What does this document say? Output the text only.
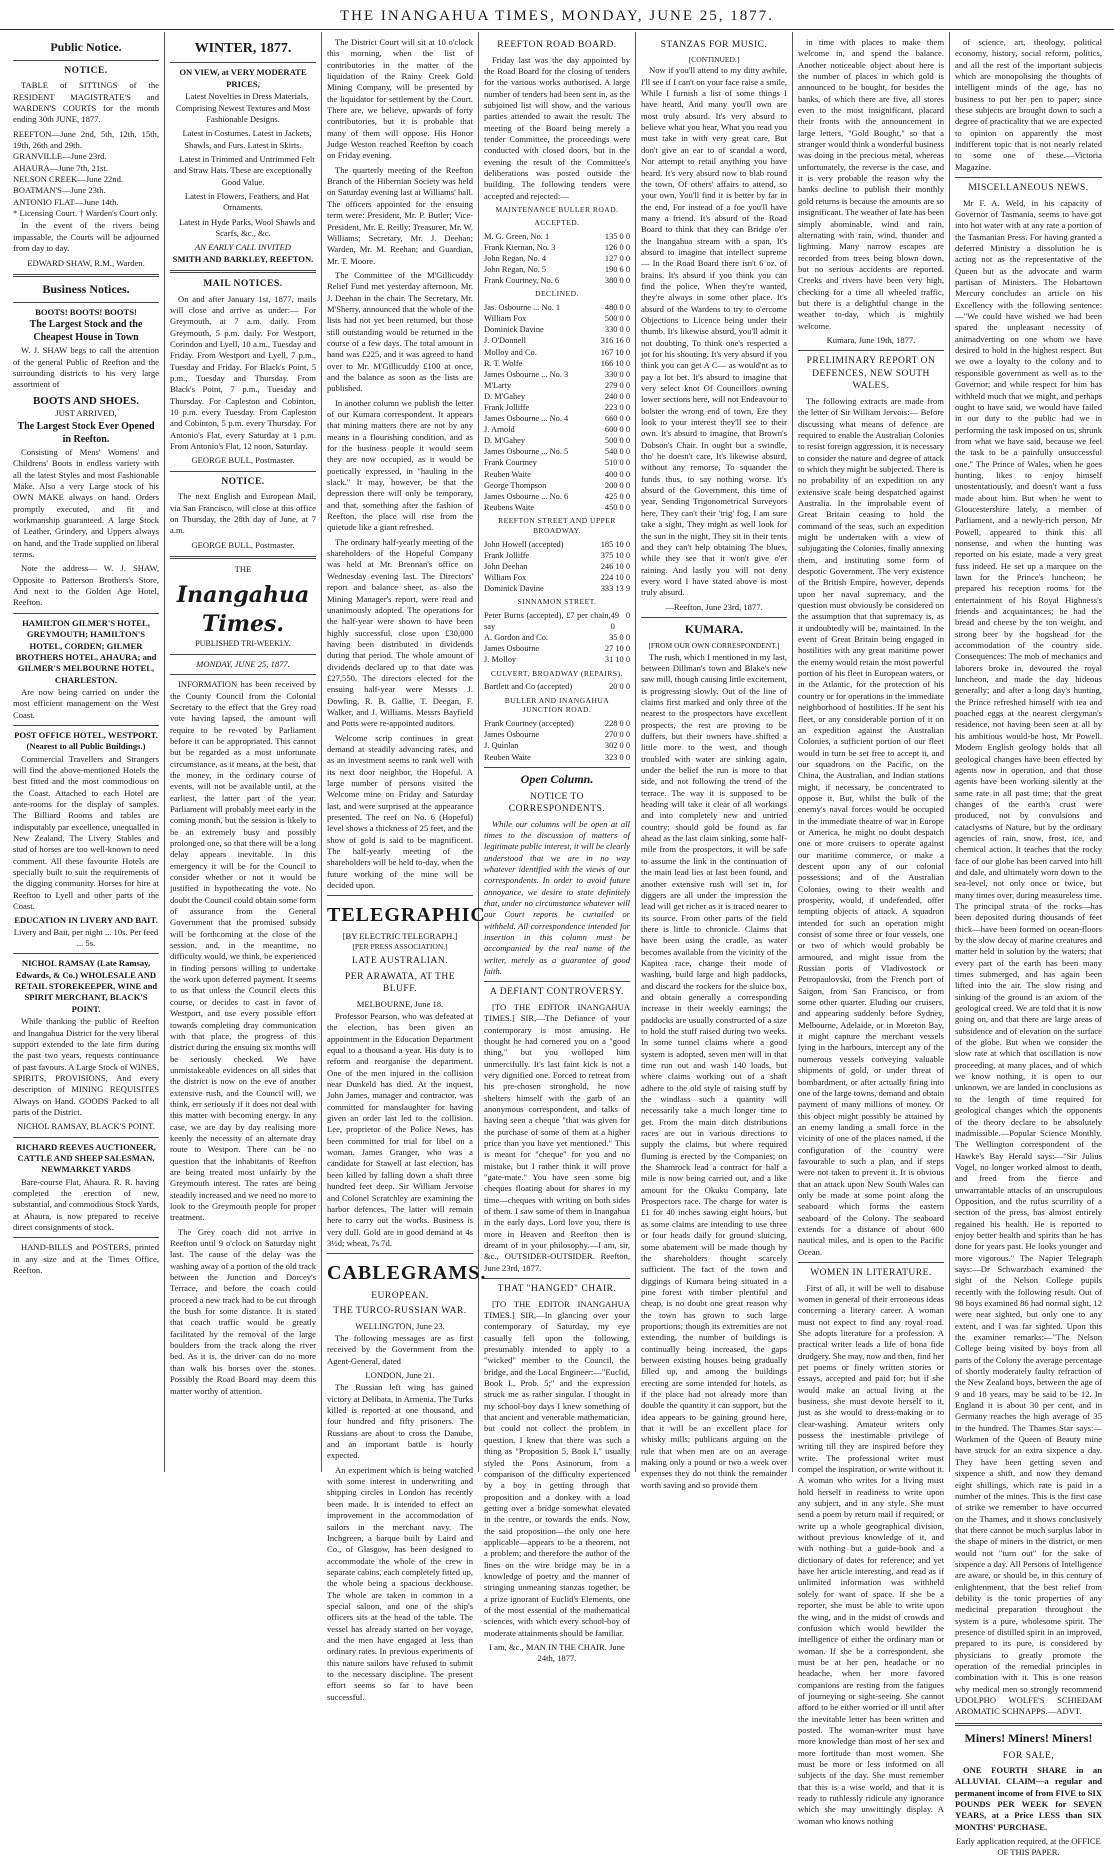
THE INANGAHUA TIMES, MONDAY, JUNE 25, 1877.
Public Notice.
NOTICE.

TABLE of SITTINGS of the RESIDENT MAGISTRATE'S and WARDEN'S COURTS for the month ending 30th JUNE, 1877.

REEFTON—June 2nd, 5th, 12th, 15th, 19th, 26th and 29th.
GRANVILLE—June 23rd.
AHAURA—June 7th, 21st.
NELSON CREEK—June 22nd.
BOATMAN'S—June 23th.
ANTONIO FLAT—June 14th.
* Licensing Court. † Warden's Court only.

In the event of the rivers being impassable, the Courts will be adjourned from day to day.

EDWARD SHAW, R.M., Warden.
Business Notices.
BOOTS! BOOTS! BOOTS!
The Largest Stock and the Cheapest House in Town

W. J. SHAW begs to call the attention of the general Public of Reefton and the surrounding districts to his very large assortment of

BOOTS AND SHOES.
JUST ARRIVED,
The Largest Stock Ever Opened in Reefton.

Consisting of Mens' Womens' and Childrens' Boots in endless variety with all the latest Styles and most Fashionable Make. Also a very Large stock of his OWN MAKE always on hand. Orders promptly executed, and fit and workmanship guaranteed. A large Stock of Leather, Grindery, and Uppers always on hand, and the Trade supplied on liberal terms.

Note the address— W. J. SHAW, Opposite to Patterson Brothers's Store, And next to the Golden Age Hotel, Reefton.

HAMILTON GILMER'S HOTEL, GREYMOUTH; HAMILTON'S HOTEL, CORDEN; GILMER BROTHERS HOTEL, AHAURA; and GILMER'S MELBOURNE HOTEL, CHARLESTON.

Are now being carried on under the most efficient management on the West Coast.

POST OFFICE HOTEL, WESTPORT. (Nearest to all Public Buildings.)

Commercial Travellers and Strangers will find the above-mentioned Hotels the best fitted and the most commodious on the Coast. Attached to each Hotel are ante-rooms for the display of samples. The Billiard Rooms and tables are indisputably par excellence, unequalled in New Zealand. The Livery Stables and stud of horses are too well-known to need comment. All these favourite Hotels are specially built to suit the requirements of the digging community. Horses for hire at Reefton to Lyell and other parts of the Coast.

EDUCATION IN LIVERY AND BAIT.
Livery and Bait, per night ... 10s. Per feed ... 5s.
NICHOL RAMSAY (Late Ramsay, Edwards, & Co.) WHOLESALE AND RETAIL STOREKEEPER, WINE and SPIRIT MERCHANT, BLACK'S POINT.

While thanking the public of Reefton and Inangahua District for the very liberal support extended to the late firm during the past two years, requests continuance of past favours. A Large Stock of WINES, SPIRITS, PROVISIONS, And every description of MINING REQUISITES Always on Hand. GOODS Packed to all parts of the District.

NICHOL RAMSAY, BLACK'S POINT.
RICHARD REEVES AUCTIONEER, CATTLE AND SHEEP SALESMAN, NEWMARKET YARDS

Bare-course Flat, Ahaura. R. R. having completed the erection of new, substantial, and commodious Stock Yards, at Ahaura, is now prepared to receive direct consignments of stock.

HAND-BILLS and POSTERS, printed in any size and at the Times Office, Reefton.

WINTER, 1877.
ON VIEW, at VERY MODERATE PRICES,

Latest Novelties in Dress Materials, Comprising Newest Textures and Most Fashionable Designs.

Latest in Costumes. Latest in Jackets, Shawls, and Furs. Latest in Skirts.

Latest in Trimmed and Untrimmed Felt and Straw Hats. These are exceptionally Good Value.

Latest in Flowers, Feathers, and Hat Ornaments.

Latest in Hyde Parks, Wool Shawls and Scarfs, &c., &c.

AN EARLY CALL INVITED
SMITH AND BARKLEY, REEFTON.
MAIL NOTICES.

On and after January 1st, 1877, mails will close and arrive as under:— For Greymouth, at 7 a.m. daily. From Greymouth, 5 p.m. daily. For Westport, Corindon and Lyell, 10 a.m., Tuesday and Friday. From Westport and Lyell, 7 p.m., Tuesday and Friday. For Black's Point, 5 p.m., Tuesday and Thursday. From Black's Point, 7 p.m., Tuesday and Thursday. For Capleston and Cobinton, 10 p.m. every Tuesday. From Capleston and Cobinton, 5 p.m. every Thursday. For Antonio's Flat, every Saturday at 1 p.m. From Antonio's Flat, 12 noon, Saturday.

GEORGE BULL, Postmaster.
NOTICE.

The next English and European Mail, via San Francisco, will close at this office on Thursday, the 28th day of June, at 7 a.m.

GEORGE BULL, Postmaster.
THE
Inangahua Times.
PUBLISHED TRI-WEEKLY.
MONDAY, JUNE 25, 1877.

INFORMATION has been received by the County Council from the Colonial Secretary to the effect that the Grey road vote having lapsed, the amount will require to be re-voted by Parliament before it can be appropriated. This cannot but be regarded as a most unfortunate circumstance, as it means, at the best, that the money, in the ordinary course of events, will not be available until, at the earliest, the latter part of the year. Parliament will probably meet early in the coming month, but the session is likely to be an extremely busy and possibly prolonged one, so that there will be a long delay appears inevitable. In this emergency it will be for the Council to consider whether or not it would be justified in hypothecating the vote. No doubt the Council could obtain some form of assurance from the General Government that the promised subsidy will be forthcoming at the close of the session, and, in the meantime, no difficulty would, we think, be experienced in finding persons willing to undertake the work upon deferred payment. It seems to us that unless the Council elects this course, or decides to cast in favor of Westport, and use every possible effort towards completing dray communication with that place, the progress of this district during the ensuing six months will be seriously checked. We have unmistakeable evidences on all sides that the district is now on the eve of another extensive rush, and the Council will, we think, err seriously if it does not deal with this matter with becoming energy. In any case, we are day by day realising more keenly the necessity of an alternate dray route to Westport. There can be no question that the inhabitants of Reefton are being treated most unfairly by the Greymouth interest. The rates are being steadily increased and we need no more to look to the Greymouth people for proper treatment.

The Grey coach did not arrive in Reefton until 9 o'clock on Saturday night last. The cause of the delay was the washing away of a portion of the old track between the Junction and Dorcey's Terrace, and before the coach could proceed a new track had to be cut through the bush for some distance. It is stated that coach traffic would be greatly facilitated by the removal of the large boulders from the track along the river bed. As it is, the driver can do no more than walk his horses over the stones. Possibly the Road Board may deem this matter worthy of attention.

The District Court will sit at 10 o'clock this morning, when the list of contributories in the matter of the liquidation of the Rainy Creek Gold Mining Company, will be presented by the liquidator for settlement by the Court. There are, we believe, upwards of forty contributories, but it is probable that many of them will oppose. His Honor Judge Weston reached Reefton by coach on Friday evening.

The quarterly meeting of the Reefton Branch of the Hibernian Society was held on Saturday evening last at Williams' hall. The officers appointed for the ensuing term were: President, Mr. P. Butler; Vice-President, Mr. E. Reilly; Treasurer, Mr. W. Williams; Secretary, Mr. J. Deehan; Warden, Mr. M. Reehan; and Guardian, Mr. T. Moore.

The Committee of the M'Gillicuddy Relief Fund met yesterday afternoon, Mr. J. Deehan in the chair. The Secretary, Mr. M'Sherry, announced that the whole of the lists had not yet been returned, but those still outstanding would be returned in the course of a few days. The total amount in hand was £225, and it was agreed to hand over to Mr. M'Gillicuddy £100 at once, and the balance as soon as the lists are published.

In another column we publish the letter of our Kumara correspondent. It appears that mining matters there are not by any means in a flourishing condition, and as for the business people it would seem they are now occupied, as it would be poetically expressed, in "hauling in the slack." It may, however, be that the depression there will only be temporary, and that, something after the fashion of Reefton, the place will rise from the quietude like a giant refreshed.

The ordinary half-yearly meeting of the shareholders of the Hopeful Company was held at Mr. Brennan's office on Wednesday evening last. The Directors' report and balance sheet, as also the Mining Manager's report, were read and unanimously adopted. The operations for the half-year were shown to have been highly successful, close upon £30,000 having been distributed in dividends during that period. The whole amount of dividends declared up to that date was £27,550. The directors elected for the ensuing half-year were Messrs J. Dowling, R. B. Gallie, T. Deegan, F. Walker, and J. Williams. Messrs Bayfield and Potts were re-appointed auditors.

Welcome scrip continues in great demand at steadily advancing rates, and as an investment seems to rank well with its next door neighbor, the Hopeful. A large number of persons visited the Welcome mine on Friday and Saturday last, and were surprised at the appearance presented. The reef on No. 6 (Hopeful) level shows a thickness of 25 feet, and the show of gold is said to be magnificent. The half-yearly meeting of the shareholders will be held to-day, when the future working of the mine will be decided upon.

TELEGRAPHIC
[BY ELECTRIC TELEGRAPH.]
[PER PRESS ASSOCIATION.]
LATE AUSTRALIAN.
PER ARAWATA, AT THE BLUFF.
MELBOURNE, June 18.

Professor Pearson, who was defeated at the election, has been given an appointment in the Education Department equal to a thousand a year. His duty is to reform and reorganise the department. One of the men injured in the collision near Dunkeld has died. At the inquest, John James, manager and contractor, was committed for manslaughter for having given an order last led to the collision. Lee, proprietor of the Police News, has been committed for trial for libel on a woman. James Granger, who was a candidate for Stawell at last election, has been killed by falling down a shaft three hundred feet deep. Sir William Jervoise and Colonel Scratchley are examining the harbor defences. The latter will remain here to carry out the works. Business is very dull. Gold are in good demand at 4s 3½d; wheat, 7s 7d.

CABLEGRAMS.
EUROPEAN.
THE TURCO-RUSSIAN WAR.
WELLINGTON, June 23.

The following messages are as first received by the Government from the Agent-General, dated

LONDON, June 21.

The Russian left wing has gained victory at Delibata, in Armenia. The Turks killed is reported at one thousand, and four hundred and fifty prisoners. The Russians are about to cross the Danube, and an important battle is hourly expected.

An experiment which is being watched with some interest in underwriting and shipping circles in London has recently been made. It is intended to effect an improvement in the accommodation of sailors in the merchant navy. The Inchgreen, a barque built by Laird and Co., of Glasgow, has been designed to accommodate the whole of the crew in separate cabins, each completely fitted up, the whole being a spacious deckhouse. The whole are taken in common in a special saloon, and one of the ship's officers sits at the head of the table. The vessel has already started on her voyage, and the men have engaged at less than ordinary rates. In previous experiments of this nature sailors have refused to submit to the necessary discipline. The present effort seems so far to have been successful.

REEFTON ROAD BOARD.

Friday last was the day appointed by the Road Board for the closing of tenders for the various works authorised. A large number of tenders had been sent in, as the subjoined list will show, and the various parties attended to await the result. The meeting of the Board being merely a tender Committee, the proceedings were conducted with closed doors, but in the evening the result of the Committee's deliberations was posted outside the building. The following tenders were accepted and rejected:—

MAINTENANCE BULLER ROAD.
ACCEPTED.
M. G. Green, No. 1	135 0 0
Frank Kiernan, No. 3	126 0 0
John Regan, No. 4	127 0 0
John Regan, No. 5	190 6 0
Frank Courtney, No. 6	380 0 0
DECLINED.
Jas. Osbourne ... No. 1	480 0 0
William Fox	500 0 0
Dominick Davine	330 0 0
J. O'Donnell	316 16 0
Molloy and Co.	167 10 0
R. T. Wolfe	166 10 0
James Osbourne ... No. 3	330 0 0
M'Larty	279 0 0
D. M'Gahey	240 0 0
Frank Jolliffe	223 0 0
James Osbourne ... No. 4	660 0 0
J. Arnold	600 0 0
D. M'Gahey	500 0 0
James Osbourne ... No. 5	540 0 0
Frank Courtney	510 0 0
Reuben Waite	400 0 0
George Thompson	200 0 0
James Osbourne ... No. 6	425 0 0
Reubens Waite	450 0 0
REEFTON STREET AND UPPER BROADWAY.
John Howell (accepted)	185 10 0
Frank Jolliffe	375 10 0
John Deehan	246 10 0
William Fox	224 10 0
Dominick Davine	333 13 9
SINNAMON STREET.
Peter Burns (accepted), £7 per chain, say
49 0 0
A. Gordon and Co.	35 0 0
James Osbourne	27 10 0
J. Molloy	31 10 0
CULVERT, BROADWAY (REPAIRS).
Bartlett and Co (accepted)	20 0 0
BULLER AND INANGAHUA JUNCTION ROAD.
Frank Courtney (accepted)	228 0 0
James Osbourne	270 0 0
J. Quinlan	302 0 0
Reuben Waite	323 0 0
Open Column.
NOTICE TO CORRESPONDENTS.

While our columns will be open at all times to the discussion of matters of legitimate public interest, it will be clearly understood that we are in no way whatever identified with the views of our correspondents. In order to avoid future annoyance, we desire to state definitely that, under no circumstance whatever will our Court reports be curtailed or withheld. All correspondence intended for insertion in this column must be accompanied by the real name of the writer, merely as a guarantee of good faith.

A DEFIANT CONTROVERSY.

[TO THE EDITOR INANGAHUA TIMES.] SIR,—The Defiance of your contemporary is most amusing. He thought he had cornered you on a "good thing," but you wolloped him unmercifully. It's last faint kick is not a very dignified one. Forced to retreat from his pre-chosen stronghold, he now shelters himself with the garb of an anonymous correspondent, and talks of having seen a cheque "that was given for the purchase of some of them at a higher price than you have yet mentioned." This is meant for "cheque" for you and no mistake, but I rather think it will prove "gate-mate." You have seen some big cheques floating about for shares in my time—cheques with writing on both sides of them. I saw some of them in Inangahua in the early days. Lord love you, there is more in Heaven and Reefton then is dreamt of in your philosophy.—I am, sir, &c., OUTSIDER-OUTSIDER. Reefton, June 23rd, 1877.

THAT "HANGED" CHAIR.

[TO THE EDITOR INANGAHUA TIMES.] SIR,—In glancing over your contemporary of Saturday, my eye casually fell upon the following, presumably intended to apply to a "wicked" member to the Council, the bridge, and the Local Engineer:—"Euclid, Book I., Prob. 5;" and the expression struck me as rather singular. I thought in my school-boy days I knew something of that ancient and venerable mathematician, but could not collect the problem in question. I knew that there was such a thing as "Proposition 5, Book I," usually styled the Pons Asinorum, from a comparison of the difficulty experienced by a boy in getting through that proposition and a donkey with a load getting over a bridge somewhat elevated in the centre, or towards the ends. Now, the said proposition—the only one here applicable—appears to be a theorem, not a problem; and therefore the author of the lines on the wire bridge may be in a knowledge of poetry and the manner of stringing unmeaning stanzas together, be a prize ignorant of Euclid's Elements, one of the most essential of the mathematical sciences, with which every school-boy of moderate attainments should be familiar.

I am, &c., MAN IN THE CHAIR. June 24th, 1877.
STANZAS FOR MUSIC.
[CONTINUED.]

Now if you'll attend to my ditty awhile, I'll see if I can't on your face raise a smile, While I furnish a list of some things I have heard, And many you'll own are most truly absurd. It's very absurd to believe what you hear, What you read you must take in with very great care, But don't give an ear to of scandal a word, Nor attempt to retail anything you have heard. It's very absurd now to blab round the town, Of others' affairs to attend, so your own, You'll find it is better by far in the end, For instead of a foe you'll have many a friend. It's absurd of the Road Board to think that they can Bridge o'er the Inangahua stream with a span, It's absurd to imagine that intellect supreme— In the Road Board there isn't 6 oz. of brains. It's absurd if you think you can find the police, When they're wanted, they're always in some other place. It's absurd of the Wardens to try to o'ercome Objections to Licence being under their thumb. It's likewise absurd, you'll admit it not doubting, To think one's respected a jot for his shouting. It's very absurd if you think you can get A C— as would'nt as to pay a lot bet. It's absurd to imagine that very select knot Of Councillors owning lower sections here, will not Endeavour to bolster the wrong end of town, Ere they look to your interest they'll see to their own. It's absurd to imagine, that Brown's Dobson's Chair. In ought but a swindle, tho' he doesn't care, It's likewise absurd, without any remorse, To squander the funds thus, to say nothing worse. It's absurd of the Government, this time of year, Sending Trigonometrical Surveyors here, They can't their 'trig' fog, I am sure take a sight, They might as well look for the sun in the night, They sit in their tents and they can't help obtaining The blues, while they see that it won't give o'er raining. And lastly you will not deny every word I have stated above is most truly absurd.

—Reefton, June 23rd, 1877.
KUMARA.
[FROM OUR OWN CORRESPONDENT.]

The rush, which I mentioned in my last, between Dillman's town and Blake's new saw mill, though causing little excitement, is progressing slowly. Out of the line of claims first marked and only three of the nearest to the prospectors have excellent prospects, the rest are proving to be duffers, but their owners have shifted a little more to the west, and though troubled with water are sinking again, under the belief the run is more to that side, and not following the trend of the terrace. The way it is supposed to be heading will take it clear of all workings and into completely new and untried country; should gold be found as far ahead as the last claim sinking, some half-mile from the prospectors, it will be safe to assume the link in the continuation of the main lead lies at last been found, and another extensive rush will set in, for diggers are all under the impression the lead will get richer as it is traced nearer to its source. From other parts of the field there is little to chronicle. Claims that have been using the cradle, as water becomes available from the vicinity of the Kapitea race, change their mode of washing, build large and high paddocks, and discard the rockers for the sluice box, and obtain generally a corresponding increase in their weekly earnings; the paddocks are usually constructed of a size to hold the stuff raised during two weeks. In some tunnel claims where a good system is adopted, seven men will in that time run out and wash 140 loads, but where claims working out of a shaft adhere to the old style of raising stuff by the windlass such a quantity will necessarily take a much longer time to get. From the main ditch distributions races are out in various directions to supply the claims, but where required fluming is erected by the Companies; on the Shamrock lead a contract for half a mile is now being carried out, and a like amount for the Okuku Company, late Prospectors race. The charge for water is £1 for 40 inches sawing eight hours, but as some claims are intending to use three or four heads daily for ground sluicing, some abatement will be made though by the shareholders thought scarcely sufficient. The fact of the town and diggings of Kumara being situated in a pine forest with timber plentiful and cheap, is no doubt one great reason why the town has grown to such large proportions; though its extremities are not extending, the number of buildings is continually being increased, the gaps between existing houses being gradually filled up, and among the buildings erecting are some intended for hotels, as if the place had not already more than double the quantity it can support, but the idea appears to be gaining ground here, that it will be an excellent place for whisky mills; publicans arguing on the rule that when men are on an average making only a pound or two a week over expenses they do not think the remainder worth saving and so provide them

in time with places to make them welcome in, and spend the balance. Another noticeable object about here is the number of places in which gold is announced to be bought, for besides the banks, of which there are five, all stores even to the most insignificant, placard their fronts with the announcement in large letters, "Gold Bought," so that a stranger would think a wonderful business was doing in the precious metal, whereas unfortunately, the reverse is the case, and it is very probable the reason why the banks decline to publish their monthly gold returns is because the amounts are so insignificant. The weather of late has been simply abominable, wind and rain, alternating with rain, wind, thunder and lightning. Many narrow escapes are recorded from trees being blown down, but no serious accidents are reported. Creeks and rivers have been very high, checking for a time all wheeled traffic, but there is a delightful change in the weather to-day, which is mightily welcome.

Kumara, June 19th, 1877.
PRELIMINARY REPORT ON DEFENCES, NEW SOUTH WALES.

The following extracts are made from the letter of Sir William Jervois:— Before discussing what means of defence are required to enable the Australian Colonies to resist foreign aggression, it is necessary to consider the nature and degree of attack to which they might be subjected. There is no probability of an expedition on any extensive scale being despatched against Australia. In the improbable event of Great Britain ceasing to hold the command of the seas, such an expedition might be undertaken with a view of subjugating the Colonies, finally annexing them, and instituting some form of despotic Government. The very existence of the British Empire, however, depends upon her naval supremacy, and the question must obviously be considered on the assumption that that supremacy is, as it undoubtedly will be, maintained. In the event of Great Britain being engaged in hostilities with any great maritime power the enemy would retain the most powerful portion of his fleet in European waters, or in the Atlantic, for the protection of his country or for operations in the immediate neighborhood of hostilities. If he sent his fleet, or any considerable portion of it on an expedition against the Australian Colonies, a sufficient portion of our fleet would in turn be set free to accept it, and our squadrons on the Pacific, on the China, the Australian, and Indian stations might, if necessary, be concentrated to oppose it. But, whilst the bulk of the enemy's naval forces would be occupied in the immediate theatre of war in Europe or America, he might no doubt despatch one or more cruisers to operate against our maritime commerce, or make a descent upon any of our colonial possessions; and of the Australian Colonies, owing to their wealth and prosperity, would, if undefended, offer tempting objects of attack. A squadron intended for such an operation might consist of some three or four vessels, one or two of which would probably be armoured, and might issue from the Russian ports of Vladivostock or Petropaulovski, from the French port of Saigon, from San Francisco, or from some other quarter. Eluding our cruisers, and appearing suddenly before Sydney, Melbourne, Adelaide, or in Moreton Bay, it might capture the merchant vessels lying in the harbours, intercept any of the numerous vessels conveying valuable shipments of gold, or under threat of bombardment, or after actually firing into one of the large towns, demand and obtain payment of many millions of money. Or this object might possibly be attained by an enemy landing a small force in the vicinity of one of the places named, if the configuration of the country were favourable to such a plan, and if steps were not taken to prevent it. It is obvious that an attack upon New South Wales can only be made at some point along the seaboard which forms the eastern seaboard of the Colony. The seaboard extends for a distance of about 600 nautical miles, and is open to the Pacific Ocean.

WOMEN IN LITERATURE.

First of all, it will be well to disabuse women in general of their erroneous ideas concerning a literary career. A woman must not expect to find any royal road. She adopts literature for a profession. A practical writer leads a life of bona fide drudgery. She may, now and then, find her pet poems or finely written stories or essays, accepted and paid for; but if she would make an actual living at the business, she must devote herself to it, just as she would to dress-making or to clear-washing. Amateur writers only possess the inestimable privilege of writing till they are inspired before they write. The professional writer must compel the inspiration, or write without it. A woman who writes for a living must hold herself in readiness to write upon any subject, and in any style. She must send a poem by return mail if required; or write up a whole geographical division, without previous knowledge of it, and with nothing but a guide-book and a dictionary of dates for reference; and yet have her article interesting, and read as if unlimited information was withheld solely for want of space. If she be a reporter, she must be able to write upon the wing, and in the midst of crowds and confusion which would bewilder the intelligence of either the ordinary man or woman. If she be a correspondent, she must be at her pen, headache or no headache, when her more favored companions are resting from the fatigues of journeying or sight-seeing. She cannot afford to be either worried or ill until after the inevitable letter has been written and posted. The woman-writer must have more knowledge than most of her sex and more fortitude than most women. She must be more or less informed on all subjects of the day. She must remember that this is a wise world, and that it is ready to ruthlessly ridicule any ignorance which she may unwittingly display. A woman who knows nothing

of science, art, theology, political economy, history, social reform, politics, and all the rest of the important subjects which are monopolising the thoughts of intelligent minds of the age, has no business to put her pen to paper; since these subjects are brought down to such a degree of practicality that we are expected to opinion on apparently the most indifferent topic that is not nearly related to some one of these.—Victoria Magazine.

MISCELLANEOUS NEWS.

Mr F. A. Weld, in his capacity of Governor of Tasmania, seems to have got into hot water with at any rate a portion of the Tasmanian Press. For having granted a deferred Ministry a dissolution he is acting not as the representative of the Queen but as the advocate and warm partisan of Ministers. The Hobartown Mercury concludes an article on his Excellency with the following sentence:—"We could have wished we had been spared the unpleasant necessity of animadverting on one whom we have desired to hold in the highest respect. But we owe a loyalty to the colony and to responsible government as well as to the Governor; and while respect for him has withheld much that we might, and perhaps ought to have said, we would have failed in our duty to the public had we in performing the task imposed on us, shrunk from what we have said, because we feel the task to be a painfully unsuccessful one." The Prince of Wales, when he goes hunting, likes to enjoy himself unostentatiously, and doesn't want a fuss made about him. But when he went to Gloucestershire lately, a member of Parliament, and a newly-rich person, Mr Powell, appeared to think this all nonsense, and when the hunting was reported on his estate, made a very great fuss indeed. He set up a marquee on the lawn for the Prince's luncheon; he prepared his reception rooms for the entertainment of his Royal Highness's friends and acquaintances; he had the bread and cheese by the ton weight, and strong beer by the hogshead for the accommodation of the country side. Consequences: The mob of mechanics and laborers broke in, devoured the royal luncheon, and made the day hideous generally; and after a long day's hunting, the Prince refreshed himself with tea and poached eggs at the nearest clergyman's residence, not having been seen at all by his ambitious would-be host, Mr Powell. Modern English geology holds that all geological changes have been effected by agents now in operation, and that those agents have been working silently at the same rate in all past time; that the great changes of the earth's crust were produced, not by convulsions and cataclysms of Nature, but by the ordinary agencies of rain, snow, frost, ice, and chemical action. It teaches that the rocky face of our globe has been carved into hill and dale, and ultimately worn down to the sea-level, not only once or twice, but many times over, during measureless time. The principal strata of the rocks—has been deposited during thousands of feet thick—have been formed on ocean-floors by the slow decay of marine creatures and matter held in solution by the waters; that every part of the earth has been many times submerged, and has again been lifted into the air. The slow rising and sinking of the ground is an axiom of the geological creed. We are told that it is now going on, and that there are large areas of subsidence and of elevation on the surface of the globe. But when we consider the slow rate at which that oscillation is now proceeding, at many places, and of which we know nothing, it is open to our unknown, we are landed in conclusions as to the length of time required for geological changes which the opponents of the theory declare to be absolutely inadmissible.—Popular Science Monthly. The Wellington correspondent of the Hawke's Bay Herald says:—"Sir Julius Vogel, no longer worked almost to death, and freed from the fierce and unwarrantable attacks of an unscrupulous Opposition, and the rufus scurrility of a section of the press, has almost entirely regained his health. He is reported to enjoy better health and spirits than he has done for years past. He looks younger and more vigorous." The Napier Telegraph says:—Dr Schwarzbach examined the sight of the Nelson College pupils recently with the following result. Out of 98 boys examined 86 had normal sight, 12 were near sighted, but only one to any extent, and I was far sighted. Upon this the examiner remarks:—"The Nelson College being visited by boys from all parts of the Colony the average percentage of shortly moderately faulty refraction of the New Zealand boys, between the age of 9 and 18 years, may be said to be 12. In England it is about 30 per cent, and in Germany reaches the high average of 35 in the hundred. The Thames Star says:—Workmen of the Queen of Beauty mine have struck for an extra sixpence a day. They have been getting seven and sixpence a shift, and now they demand eight shillings, which rate is paid in a number of the mines. This is the first case of strike we remember to have occurred on the Thames, and it shows conclusively that there cannot be much surplus labor in the shape of miners in the district, or men would not "turn out" for the sake of sixpence a day. All Persons of Intelligence are aware, or should be, in this century of enlightenment, that the best relief from debility is the tonic properties of any medicinal preparation throughout the system is a pure, wholesome spirit. The presence of distilled spirit in an improved, prepared to its pure, is considered by physicians to greatly promote the operation of the remedial principles in combination with it. This is one reason why medical men so strongly recommend UDOLPHO WOLFE'S SCHIEDAM AROMATIC SCHNAPPS.—ADVT.

Miners! Miners! Miners!
FOR SALE,

ONE FOURTH SHARE in an ALLUVIAL CLAIM—a regular and permanent income of from FIVE to SIX POUNDS PER WEEK for SEVEN YEARS, at a Price LESS than SIX MONTHS' PURCHASE.

Early application required, at the OFFICE OF THIS PAPER.
